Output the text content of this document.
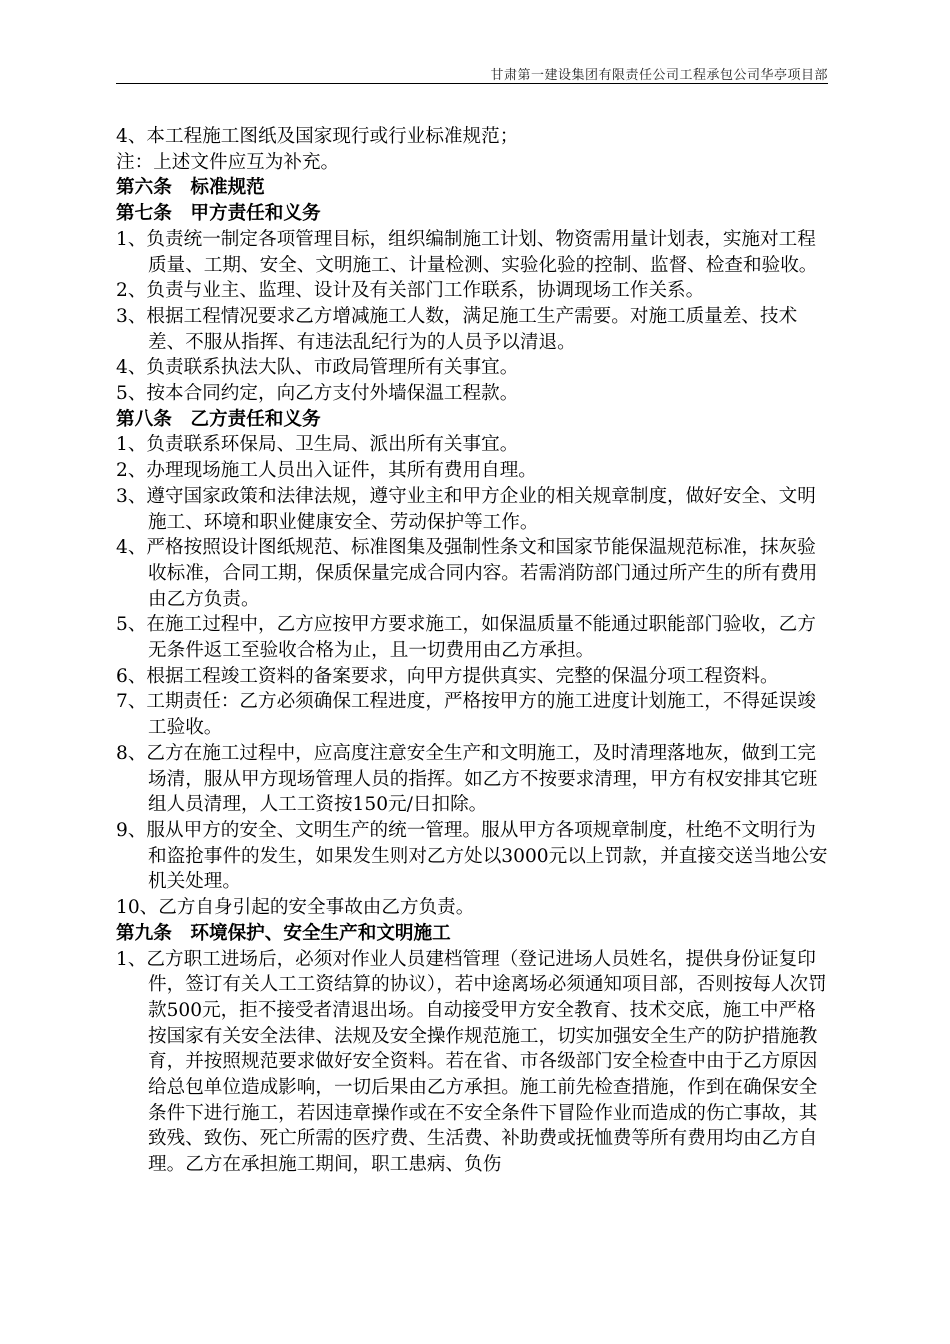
甘肃第一建设集团有限责任公司工程承包公司华亭项目部
4、本工程施工图纸及国家现行或行业标准规范；
注：上述文件应互为补充。
第六条　标准规范
第七条　甲方责任和义务
1、负责统一制定各项管理目标，组织编制施工计划、物资需用量计划表，实施对工程质量、工期、安全、文明施工、计量检测、实验化验的控制、监督、检查和验收。
2、负责与业主、监理、设计及有关部门工作联系，协调现场工作关系。
3、根据工程情况要求乙方增减施工人数，满足施工生产需要。对施工质量差、技术差、不服从指挥、有违法乱纪行为的人员予以清退。
4、负责联系执法大队、市政局管理所有关事宜。
5、按本合同约定，向乙方支付外墙保温工程款。
第八条　乙方责任和义务
1、负责联系环保局、卫生局、派出所有关事宜。
2、办理现场施工人员出入证件，其所有费用自理。
3、遵守国家政策和法律法规，遵守业主和甲方企业的相关规章制度，做好安全、文明施工、环境和职业健康安全、劳动保护等工作。
4、严格按照设计图纸规范、标准图集及强制性条文和国家节能保温规范标准，抹灰验收标准，合同工期，保质保量完成合同内容。若需消防部门通过所产生的所有费用由乙方负责。
5、在施工过程中，乙方应按甲方要求施工，如保温质量不能通过职能部门验收，乙方无条件返工至验收合格为止，且一切费用由乙方承担。
6、根据工程竣工资料的备案要求，向甲方提供真实、完整的保温分项工程资料。
7、工期责任：乙方必须确保工程进度，严格按甲方的施工进度计划施工，不得延误竣工验收。
8、乙方在施工过程中，应高度注意安全生产和文明施工，及时清理落地灰，做到工完场清，服从甲方现场管理人员的指挥。如乙方不按要求清理，甲方有权安排其它班组人员清理，人工工资按150元/日扣除。
9、服从甲方的安全、文明生产的统一管理。服从甲方各项规章制度，杜绝不文明行为和盗抢事件的发生，如果发生则对乙方处以3000元以上罚款，并直接交送当地公安机关处理。
10、乙方自身引起的安全事故由乙方负责。
第九条　环境保护、安全生产和文明施工
1、乙方职工进场后，必须对作业人员建档管理（登记进场人员姓名，提供身份证复印件，签订有关人工工资结算的协议），若中途离场必须通知项目部，否则按每人次罚款500元，拒不接受者清退出场。自动接受甲方安全教育、技术交底，施工中严格按国家有关安全法律、法规及安全操作规范施工，切实加强安全生产的防护措施教育，并按照规范要求做好安全资料。若在省、市各级部门安全检查中由于乙方原因给总包单位造成影响，一切后果由乙方承担。施工前先检查措施，作到在确保安全条件下进行施工，若因违章操作或在不安全条件下冒险作业而造成的伤亡事故，其致残、致伤、死亡所需的医疗费、生活费、补助费或抚恤费等所有费用均由乙方自理。乙方在承担施工期间，职工患病、负伤
